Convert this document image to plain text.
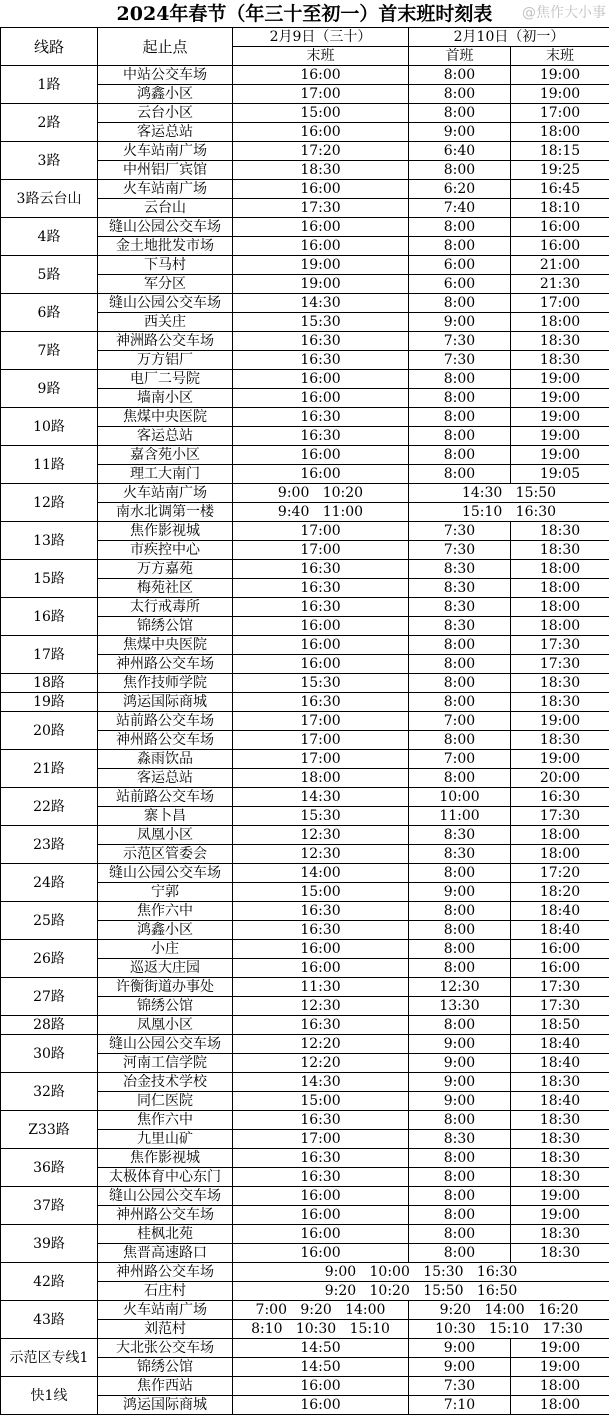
2024年春节（年三十至初一）首末班时刻表
线路	起止点	2月9日（三十）	2月10日（初一）	
		末班	首班	末班
1路	中站公交车场	16:00	8:00	19:00
	鸿鑫小区	17:00	8:00	19:00
2路	云台小区	15:00	8:00	17:00
	客运总站	16:00	9:00	18:00
3路	火车站南广场	17:20	6:40	18:15
	中州铝厂宾馆	18:30	8:00	19:25
3路云台山	火车站南广场	16:00	6:20	16:45
	云台山	17:30	7:40	18:10
4路	缝山公园公交车场	16:00	8:00	16:00
	金土地批发市场	16:00	8:00	16:00
5路	下马村	19:00	6:00	21:00
	军分区	19:00	6:00	21:30
6路	缝山公园公交车场	14:30	8:00	17:00
	西关庄	15:30	9:00	18:00
7路	神洲路公交车场	16:30	7:30	18:30
	万方铝厂	16:30	7:30	18:30
9路	电厂二号院	16:00	8:00	19:00
	墙南小区	16:00	8:00	19:00
10路	焦煤中央医院	16:30	8:00	19:00
	客运总站	16:30	8:00	19:00
11路	嘉含苑小区	16:00	8:00	19:00
	理工大南门	16:00	8:00	19:05
12路	火车站南广场	9:00   10:20	14:30   15:50	
	南水北调第一楼	9:40   11:00	15:10   16:30	
13路	焦作影视城	17:00	7:30	18:30
	市疾控中心	17:00	7:30	18:30
15路	万方嘉苑	16:30	8:30	18:00
	梅苑社区	16:30	8:30	18:00
16路	太行戒毒所	16:30	8:30	18:00
	锦绣公馆	16:00	8:30	18:00
17路	焦煤中央医院	16:00	8:00	17:30
	神州路公交车场	16:00	8:00	17:30
18路	焦作技师学院	15:30	8:00	18:30
19路	鸿运国际商城	16:30	8:00	18:30
20路	站前路公交车场	17:00	7:00	19:00
	神州路公交车场	17:00	8:00	18:30
21路	淼雨饮品	17:00	7:00	19:00
	客运总站	18:00	8:00	20:00
22路	站前路公交车场	14:30	10:00	16:30
	寨卜昌	15:30	11:00	17:30
23路	凤凰小区	12:30	8:30	18:00
	示范区管委会	12:30	8:30	18:00
24路	缝山公园公交车场	14:00	8:00	17:20
	宁郭	15:00	9:00	18:20
25路	焦作六中	16:30	8:00	18:40
	鸿鑫小区	16:30	8:00	18:40
26路	小庄	16:00	8:00	16:00
	巡返大庄园	16:00	8:00	16:00
27路	许衡街道办事处	11:30	12:30	17:30
	锦绣公馆	12:30	13:30	17:30
28路	凤凰小区	16:30	8:00	18:50
30路	缝山公园公交车场	12:20	9:00	18:40
	河南工信学院	12:20	9:00	18:40
32路	冶金技术学校	14:30	9:00	18:30
	同仁医院	15:00	9:00	18:40
Z33路	焦作六中	16:30	8:00	18:30
	九里山矿	17:00	8:30	18:30
36路	焦作影视城	16:30	8:00	18:30
	太极体育中心东门	16:30	8:00	18:30
37路	缝山公园公交车场	16:00	8:00	19:00
	神州路公交车场	16:00	8:00	19:00
39路	桂枫北苑	16:00	8:00	18:30
	焦晋高速路口	16:00	8:00	18:30
42路	神州路公交车场	9:00   10:00   15:30   16:30		
	石庄村	9:20   10:20   15:50   16:50		
43路	火车站南广场	7:00   9:20   14:00	9:20   14:00   16:20	
	刘范村	8:10   10:30   15:10	10:30   15:10   17:30	
示范区专线1	大北张公交车场	14:50	9:00	19:00
	锦绣公馆	14:50	9:00	19:00
快1线	焦作西站	16:00	7:30	18:00
	鸿运国际商城	16:00	7:10	18:00
@焦作大小事
